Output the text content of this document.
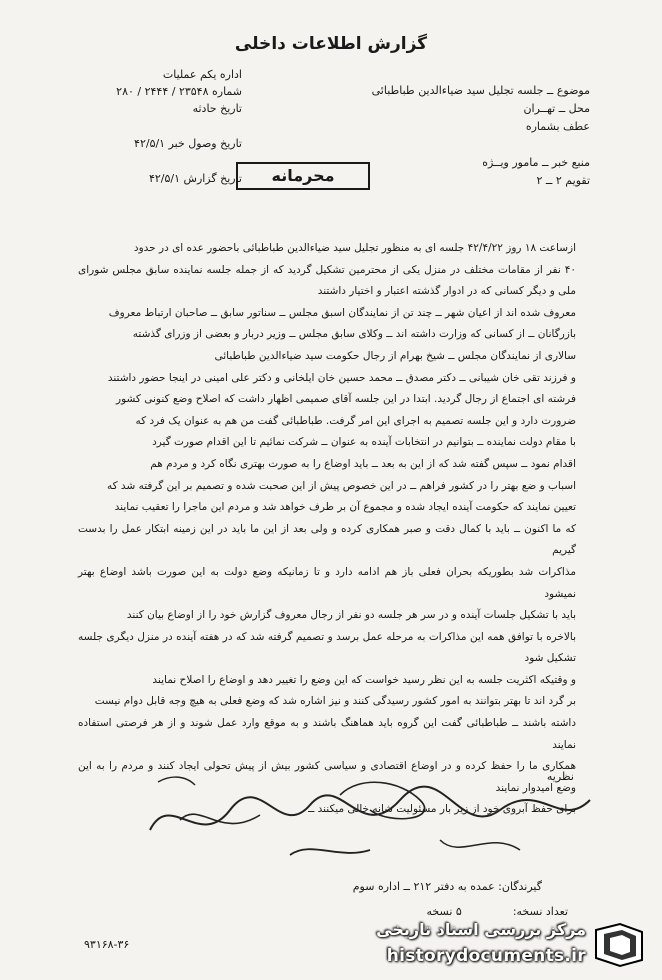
گزارش اطلاعات داخلی
اداره یکم عملیات
شماره ۲۳۵۴۸ / ۲۴۴۴ / ۲۸۰
تاریخ حادثه
تاریخ وصول خبر ۴۲/۵/۱
تاریخ گزارش ۴۲/۵/۱
موضوع ــ جلسه تجلیل سید ضیاءالدین طباطبائی
محل ــ تهــران
عطف بشماره
منبع خبر ــ مامور ویــژه
تقویم ۲ ــ ۲
محرمانه

ازساعت ۱۸ روز ۴۲/۴/۲۲ جلسه ای به منظور تجلیل سید ضیاءالدین طباطبائی باحضور عده ای در حدود

۴۰ نفر از مقامات مختلف در منزل یکی از محترمین تشکیل گردید که از جمله جلسه نماینده سابق مجلس شورای ملی و دیگر کسانی که در ادوار گذشته اعتبار و اختیار داشتند

معروف شده اند از اعیان شهر ــ چند تن از نمایندگان اسبق مجلس ــ سناتور سابق ــ صاحبان ارتباط معروف

بازرگانان ــ از کسانی که وزارت داشته اند ــ وکلای سابق مجلس ــ وزیر دربار و بعضی از وزرای گذشته

سالاری از نمایندگان مجلس ــ شیخ بهرام از رجال حکومت سید ضیاءالدین طباطبائی

و فرزند تقی خان شیبانی ــ دکتر مصدق ــ محمد حسین خان ایلخانی و دکتر علی امینی در اینجا حضور داشتند

فرشته ای اجتماع از رجال گردید. ابتدا در این جلسه آقای صمیمی اظهار داشت که اصلاح وضع کنونی کشور

ضرورت دارد و این جلسه تصمیم به اجرای این امر گرفت. طباطبائی گفت من هم به عنوان یک فرد که

با مقام دولت نماینده ــ بتوانیم در انتخابات آینده به عنوان ــ شرکت نمائیم تا این اقدام صورت گیرد

اقدام نمود ــ سپس گفته شد که از این به بعد ــ باید اوضاع را به صورت بهتری نگاه کرد و مردم هم

اسباب و ضع بهتر را در کشور فراهم ــ در این خصوص پیش از این صحبت شده و تصمیم بر این گرفته شد که

تعیین نمایند که حکومت آینده ایجاد شده و مجموع آن بر طرف خواهد شد و مردم این ماجرا را تعقیب نمایند

که ما اکنون ــ باید با کمال دقت و صبر همکاری کرده و ولی بعد از این ما باید در این زمینه ابتکار عمل را بدست گیریم

مذاکرات شد بطوریکه بحران فعلی باز هم ادامه دارد و تا زمانیکه وضع دولت به این صورت باشد اوضاع بهتر نمیشود

باید با تشکیل جلسات آینده و در سر هر جلسه دو نفر از رجال معروف گزارش خود را از اوضاع بیان کنند

بالاخره با توافق همه این مذاکرات به مرحله عمل برسد و تصمیم گرفته شد که در هفته آینده در منزل دیگری جلسه تشکیل شود

و وقتیکه اکثریت جلسه به این نظر رسید خواست که این وضع را تغییر دهد و اوضاع را اصلاح نمایند

بر گرد اند تا بهتر بتوانند به امور کشور رسیدگی کنند و نیز اشاره شد که وضع فعلی به هیچ وجه قابل دوام نیست

داشته باشند ــ طباطبائی گفت این گروه باید هماهنگ باشند و به موقع وارد عمل شوند و از هر فرصتی استفاده نمایند

همکاری ما را حفظ کرده و در اوضاع اقتصادی و سیاسی کشور بیش از پیش تحولی ایجاد کنند و مردم را به این وضع امیدوار نمایند

برای حفظ آبروی خود از زیر بار مسئولیت شانه خالی میکنند ــ

نظریه
گیرندگان: عمده به دفتر ۲۱۲ ــ اداره سوم
تعداد نسخه:  ۵ نسخه
۹۳۱۶۸-۳۶
مرکز بررسی اسناد تاریخی
historydocuments.ir
